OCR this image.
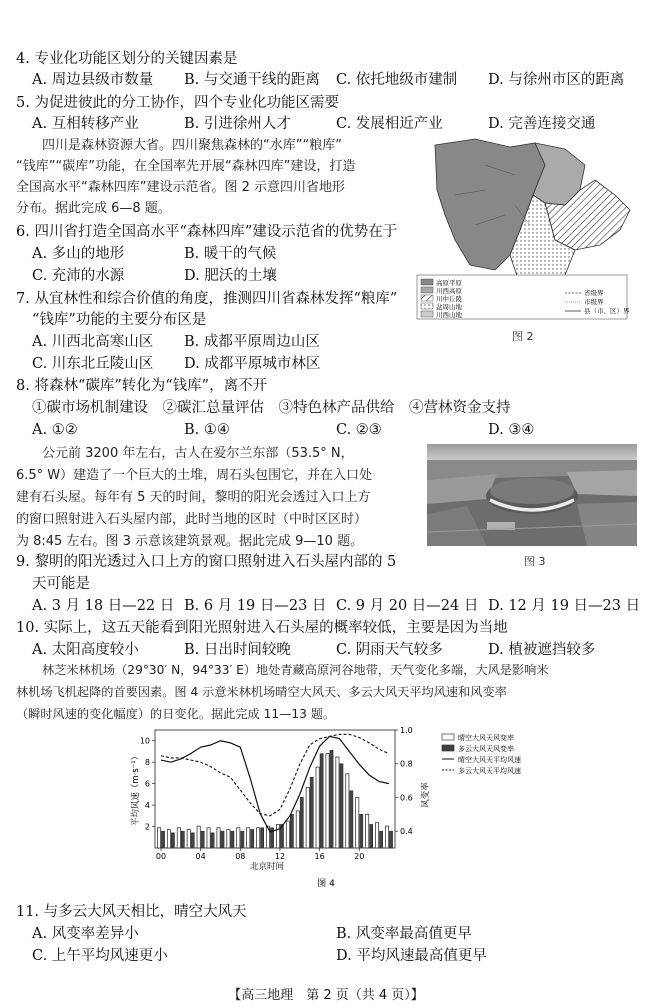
4. 专业化功能区划分的关键因素是
A. 周边县级市数量 B. 与交通干线的距离 C. 依托地级市建制 D. 与徐州市区的距离
5. 为促进彼此的分工协作，四个专业化功能区需要
A. 互相转移产业	B. 引进徐州人才	C. 发展相近产业	D. 完善连接交通
四川是森林资源大省。四川聚焦森林的“水库”“粮库”
“钱库”“碳库”功能，在全国率先开展“森林四库”建设，打造
全国高水平“森林四库”建设示范省。图 2 示意四川省地形
分布。据此完成 6—8 题。
高原平原
川西高原
川中丘陵
盆周山地
川西山地
省级界
市级界
县（市、区）界
图 2
6. 四川省打造全国高水平“森林四库”建设示范省的优势在于
A. 多山的地形	B. 暖干的气候
C. 充沛的水源	D. 肥沃的土壤
7. 从宜林性和综合价值的角度，推测四川省森林发挥“粮库”
“钱库”功能的主要分布区是
A. 川西北高寒山区 B. 成都平原周边山区
C. 川东北丘陵山区 D. 成都平原城市林区
8. 将森林“碳库”转化为“钱库”，离不开
①碳市场机制建设　②碳汇总量评估　③特色林产品供给　④营林资金支持
A. ①②	B. ①④	C. ②③	D. ③④
公元前 3200 年左右，古人在爱尔兰东部（53.5° N，
6.5° W）建造了一个巨大的土堆，周石头包围它，并在入口处
建有石头屋。每年有 5 天的时间，黎明的阳光会透过入口上方
的窗口照射进入石头屋内部，此时当地的区时（中时区区时）
为 8:45 左右。图 3 示意该建筑景观。据此完成 9—10 题。
图 3
9. 黎明的阳光透过入口上方的窗口照射进入石头屋内部的 5
天可能是
A. 3 月 18 日—22 日 B. 6 月 19 日—23 日 C. 9 月 20 日—24 日 D. 12 月 19 日—23 日
10. 实际上，这五天能看到阳光照射进入石头屋的概率较低，主要是因为当地
A. 太阳高度较小	B. 日出时间较晚	C. 阴雨天气较多	D. 植被遮挡较多
林芝米林机场（29°30′ N，94°33′ E）地处青藏高原河谷地带，天气变化多端，大风是影响米
林机场飞机起降的首要因素。图 4 示意米林机场晴空大风天、多云大风天平均风速和风变率
（瞬时风速的变化幅度）的日变化。据此完成 11—13 题。
2
4
6
8
10
0.4
0.6
0.8
1.0
00	04	08	12	16	20
北京时间
平均风速（m·s⁻¹）	风变率
晴空大风天风变率
多云大风天风变率
晴空大风天平均风速
多云大风天平均风速
图 4
11. 与多云大风天相比，晴空大风天
A. 风变率差异小	B. 风变率最高值更早
C. 上午平均风速更小	D. 平均风速最高值更早
【高三地理　第 2 页（共 4 页）】
